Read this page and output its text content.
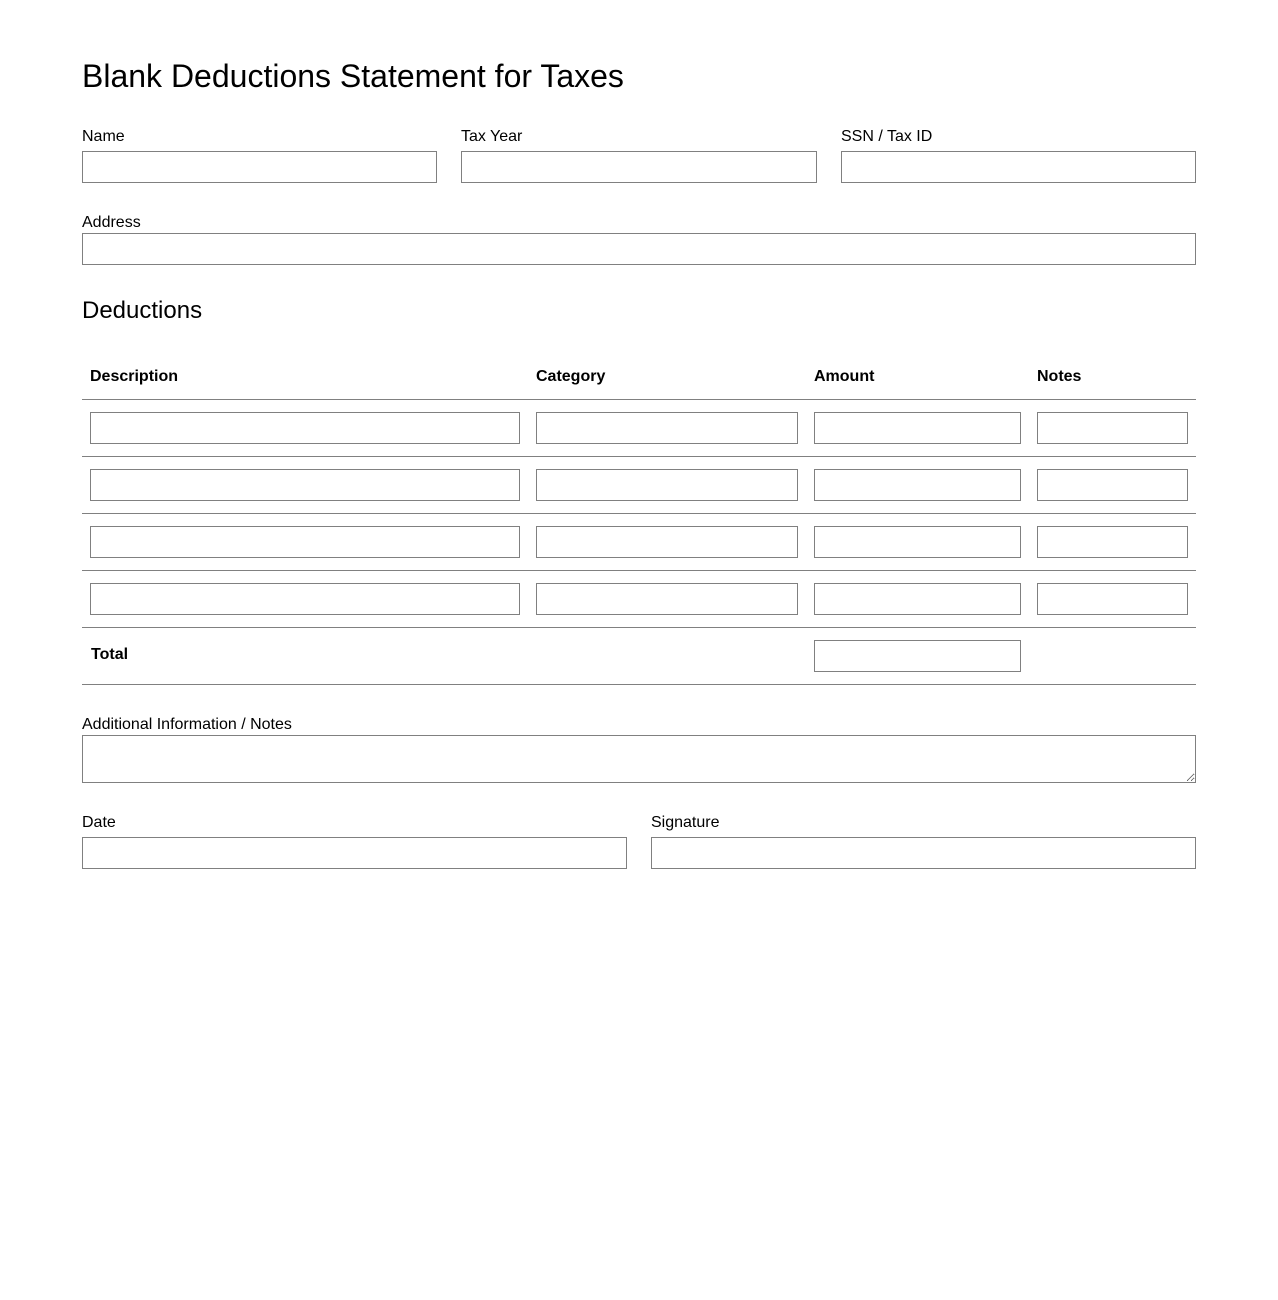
Blank Deductions Statement for Taxes
Name	Tax Year	SSN / Tax ID
Address
Deductions
Description	Category	Amount	Notes
Total
Additional Information / Notes
Date	Signature
